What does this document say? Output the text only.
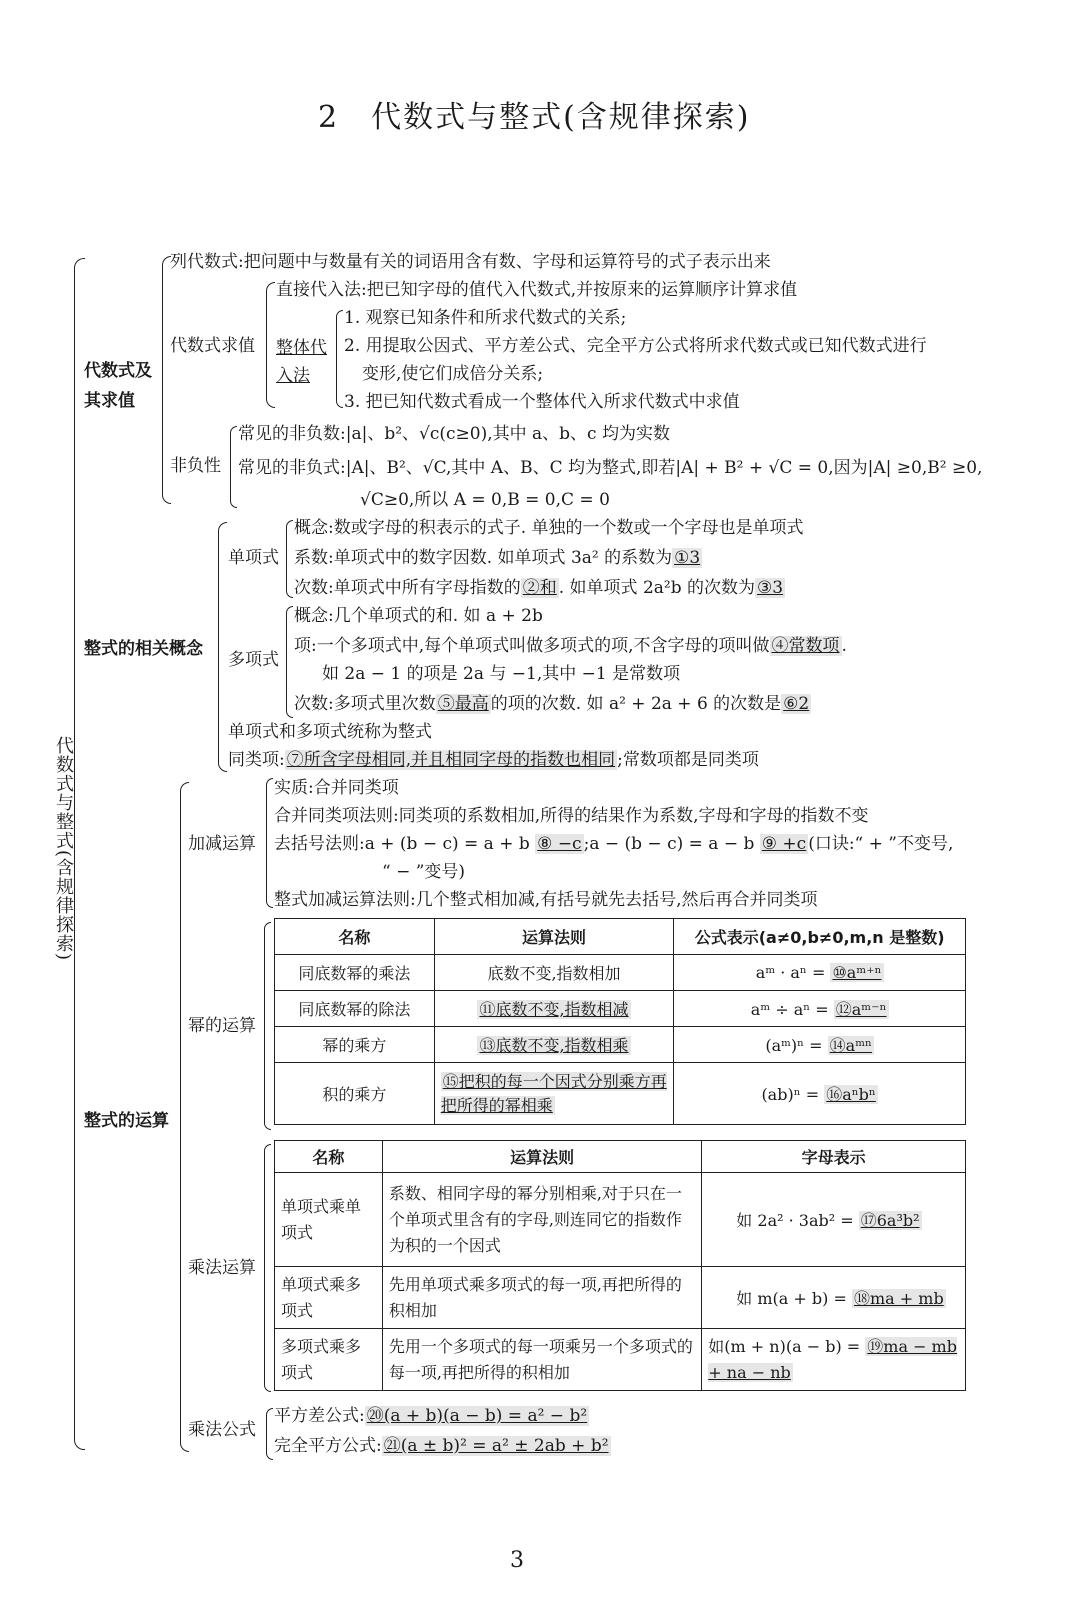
2　代数式与整式(含规律探索)
代数式与整式(含规律探索)
代数式及其求值
列代数式:把问题中与数量有关的词语用含有数、字母和运算符号的式子表示出来
代数式求值
直接代入法:把已知字母的值代入代数式,并按原来的运算顺序计算求值
整体代入法
1. 观察已知条件和所求代数式的关系;
2. 用提取公因式、平方差公式、完全平方公式将所求代数式或已知代数式进行
变形,使它们成倍分关系;
3. 把已知代数式看成一个整体代入所求代数式中求值
非负性
常见的非负数:|a|、b²、√c(c≥0),其中 a、b、c 均为实数
常见的非负式:|A|、B²、√C,其中 A、B、C 均为整式,即若|A| + B² + √C = 0,因为|A| ≥0,B² ≥0,
√C≥0,所以 A = 0,B = 0,C = 0
整式的相关概念
单项式
概念:数或字母的积表示的式子. 单独的一个数或一个字母也是单项式
系数:单项式中的数字因数. 如单项式 3a² 的系数为 ①3
次数:单项式中所有字母指数的 ②和 . 如单项式 2a²b 的次数为 ③3
多项式
概念:几个单项式的和. 如 a + 2b
项:一个多项式中,每个单项式叫做多项式的项,不含字母的项叫做 ④常数项 .
如 2a − 1 的项是 2a 与 −1,其中 −1 是常数项
次数:多项式里次数 ⑤最高 的项的次数. 如 a² + 2a + 6 的次数是 ⑥2
单项式和多项式统称为整式
同类项: ⑦所含字母相同,并且相同字母的指数也相同 ;常数项都是同类项
整式的运算
加减运算
实质:合并同类项
合并同类项法则:同类项的系数相加,所得的结果作为系数,字母和字母的指数不变
去括号法则:a + (b − c) = a + b ⑧ −c ;a − (b − c) = a − b ⑨ +c (口诀:“ + ”不变号,
“ − ”变号)
整式加减运算法则:几个整式相加减,有括号就先去括号,然后再合并同类项
幂的运算
名称	运算法则	公式表示(a≠0,b≠0,m,n 是整数)
同底数幂的乘法	底数不变,指数相加	aᵐ · aⁿ = ⑩aᵐ⁺ⁿ
同底数幂的除法	⑪底数不变,指数相减	aᵐ ÷ aⁿ = ⑫aᵐ⁻ⁿ
幂的乘方	⑬底数不变,指数相乘	(aᵐ)ⁿ = ⑭aᵐⁿ
积的乘方	⑮把积的每一个因式分别乘方再把所得的幂相乘	(ab)ⁿ = ⑯aⁿbⁿ
乘法运算
名称	运算法则	字母表示
单项式乘单项式	系数、相同字母的幂分别相乘,对于只在一个单项式里含有的字母,则连同它的指数作为积的一个因式	如 2a² · 3ab² = ⑰6a³b²
单项式乘多项式	先用单项式乘多项式的每一项,再把所得的积相加	如 m(a + b) = ⑱ma + mb
多项式乘多项式	先用一个多项式的每一项乘另一个多项式的每一项,再把所得的积相加	如(m + n)(a − b) = ⑲ma − mb + na − nb
乘法公式
平方差公式: ⑳(a + b)(a − b) = a² − b²
完全平方公式: ㉑(a ± b)² = a² ± 2ab + b²
3
